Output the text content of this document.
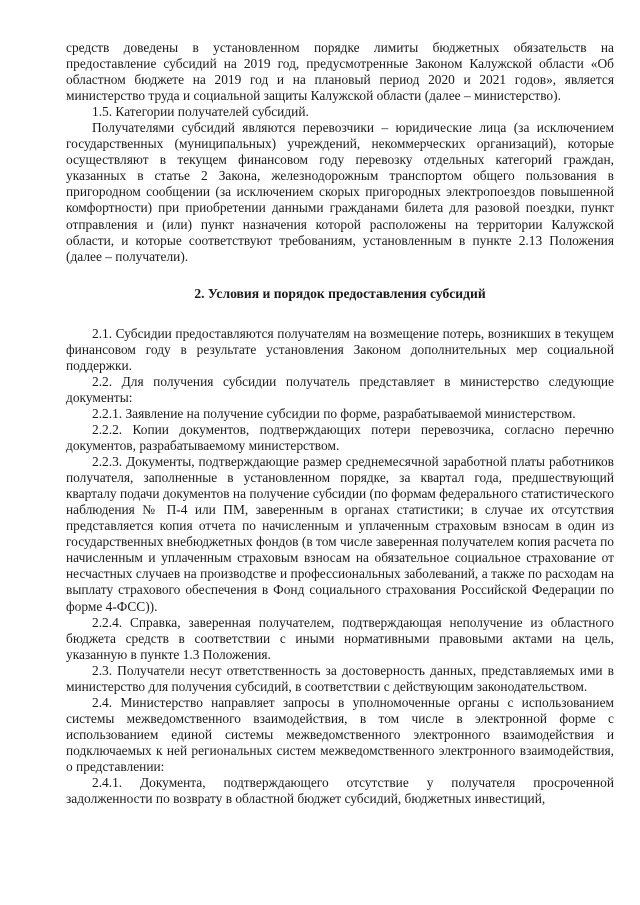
средств доведены в установленном порядке лимиты бюджетных обязательств на предоставление субсидий на 2019 год, предусмотренные Законом Калужской области «Об областном бюджете на 2019 год и на плановый период 2020 и 2021 годов», является министерство труда и социальной защиты Калужской области (далее – министерство).

1.5. Категории получателей субсидий.

Получателями субсидий являются перевозчики – юридические лица (за исключением государственных (муниципальных) учреждений, некоммерческих организаций), которые осуществляют в текущем финансовом году перевозку отдельных категорий граждан, указанных в статье 2 Закона, железнодорожным транспортом общего пользования в пригородном сообщении (за исключением скорых пригородных электропоездов повышенной комфортности) при приобретении данными гражданами билета для разовой поездки, пункт отправления и (или) пункт назначения которой расположены на территории Калужской области, и которые соответствуют требованиям, установленным в пункте 2.13 Положения (далее – получатели).

2. Условия и порядок предоставления субсидий

2.1. Субсидии предоставляются получателям на возмещение потерь, возникших в текущем финансовом году в результате установления Законом дополнительных мер социальной поддержки.

2.2. Для получения субсидии получатель представляет в министерство следующие документы:

2.2.1. Заявление на получение субсидии по форме, разрабатываемой министерством.

2.2.2. Копии документов, подтверждающих потери перевозчика, согласно перечню документов, разрабатываемому министерством.

2.2.3. Документы, подтверждающие размер среднемесячной заработной платы работников получателя, заполненные в установленном порядке, за квартал года, предшествующий кварталу подачи документов на получение субсидии (по формам федерального статистического наблюдения № П-4 или ПМ, заверенным в органах статистики; в случае их отсутствия представляется копия отчета по начисленным и уплаченным страховым взносам в один из государственных внебюджетных фондов (в том числе заверенная получателем копия расчета по начисленным и уплаченным страховым взносам на обязательное социальное страхование от несчастных случаев на производстве и профессиональных заболеваний, а также по расходам на выплату страхового обеспечения в Фонд социального страхования Российской Федерации по форме 4-ФСС)).

2.2.4. Справка, заверенная получателем, подтверждающая неполучение из областного бюджета средств в соответствии с иными нормативными правовыми актами на цель, указанную в пункте 1.3 Положения.

2.3. Получатели несут ответственность за достоверность данных, представляемых ими в министерство для получения субсидий, в соответствии с действующим законодательством.

2.4. Министерство направляет запросы в уполномоченные органы с использованием системы межведомственного взаимодействия, в том числе в электронной форме с использованием единой системы межведомственного электронного взаимодействия и подключаемых к ней региональных систем межведомственного электронного взаимодействия, о представлении:

2.4.1. Документа, подтверждающего отсутствие у получателя просроченной задолженности по возврату в областной бюджет субсидий, бюджетных инвестиций,
